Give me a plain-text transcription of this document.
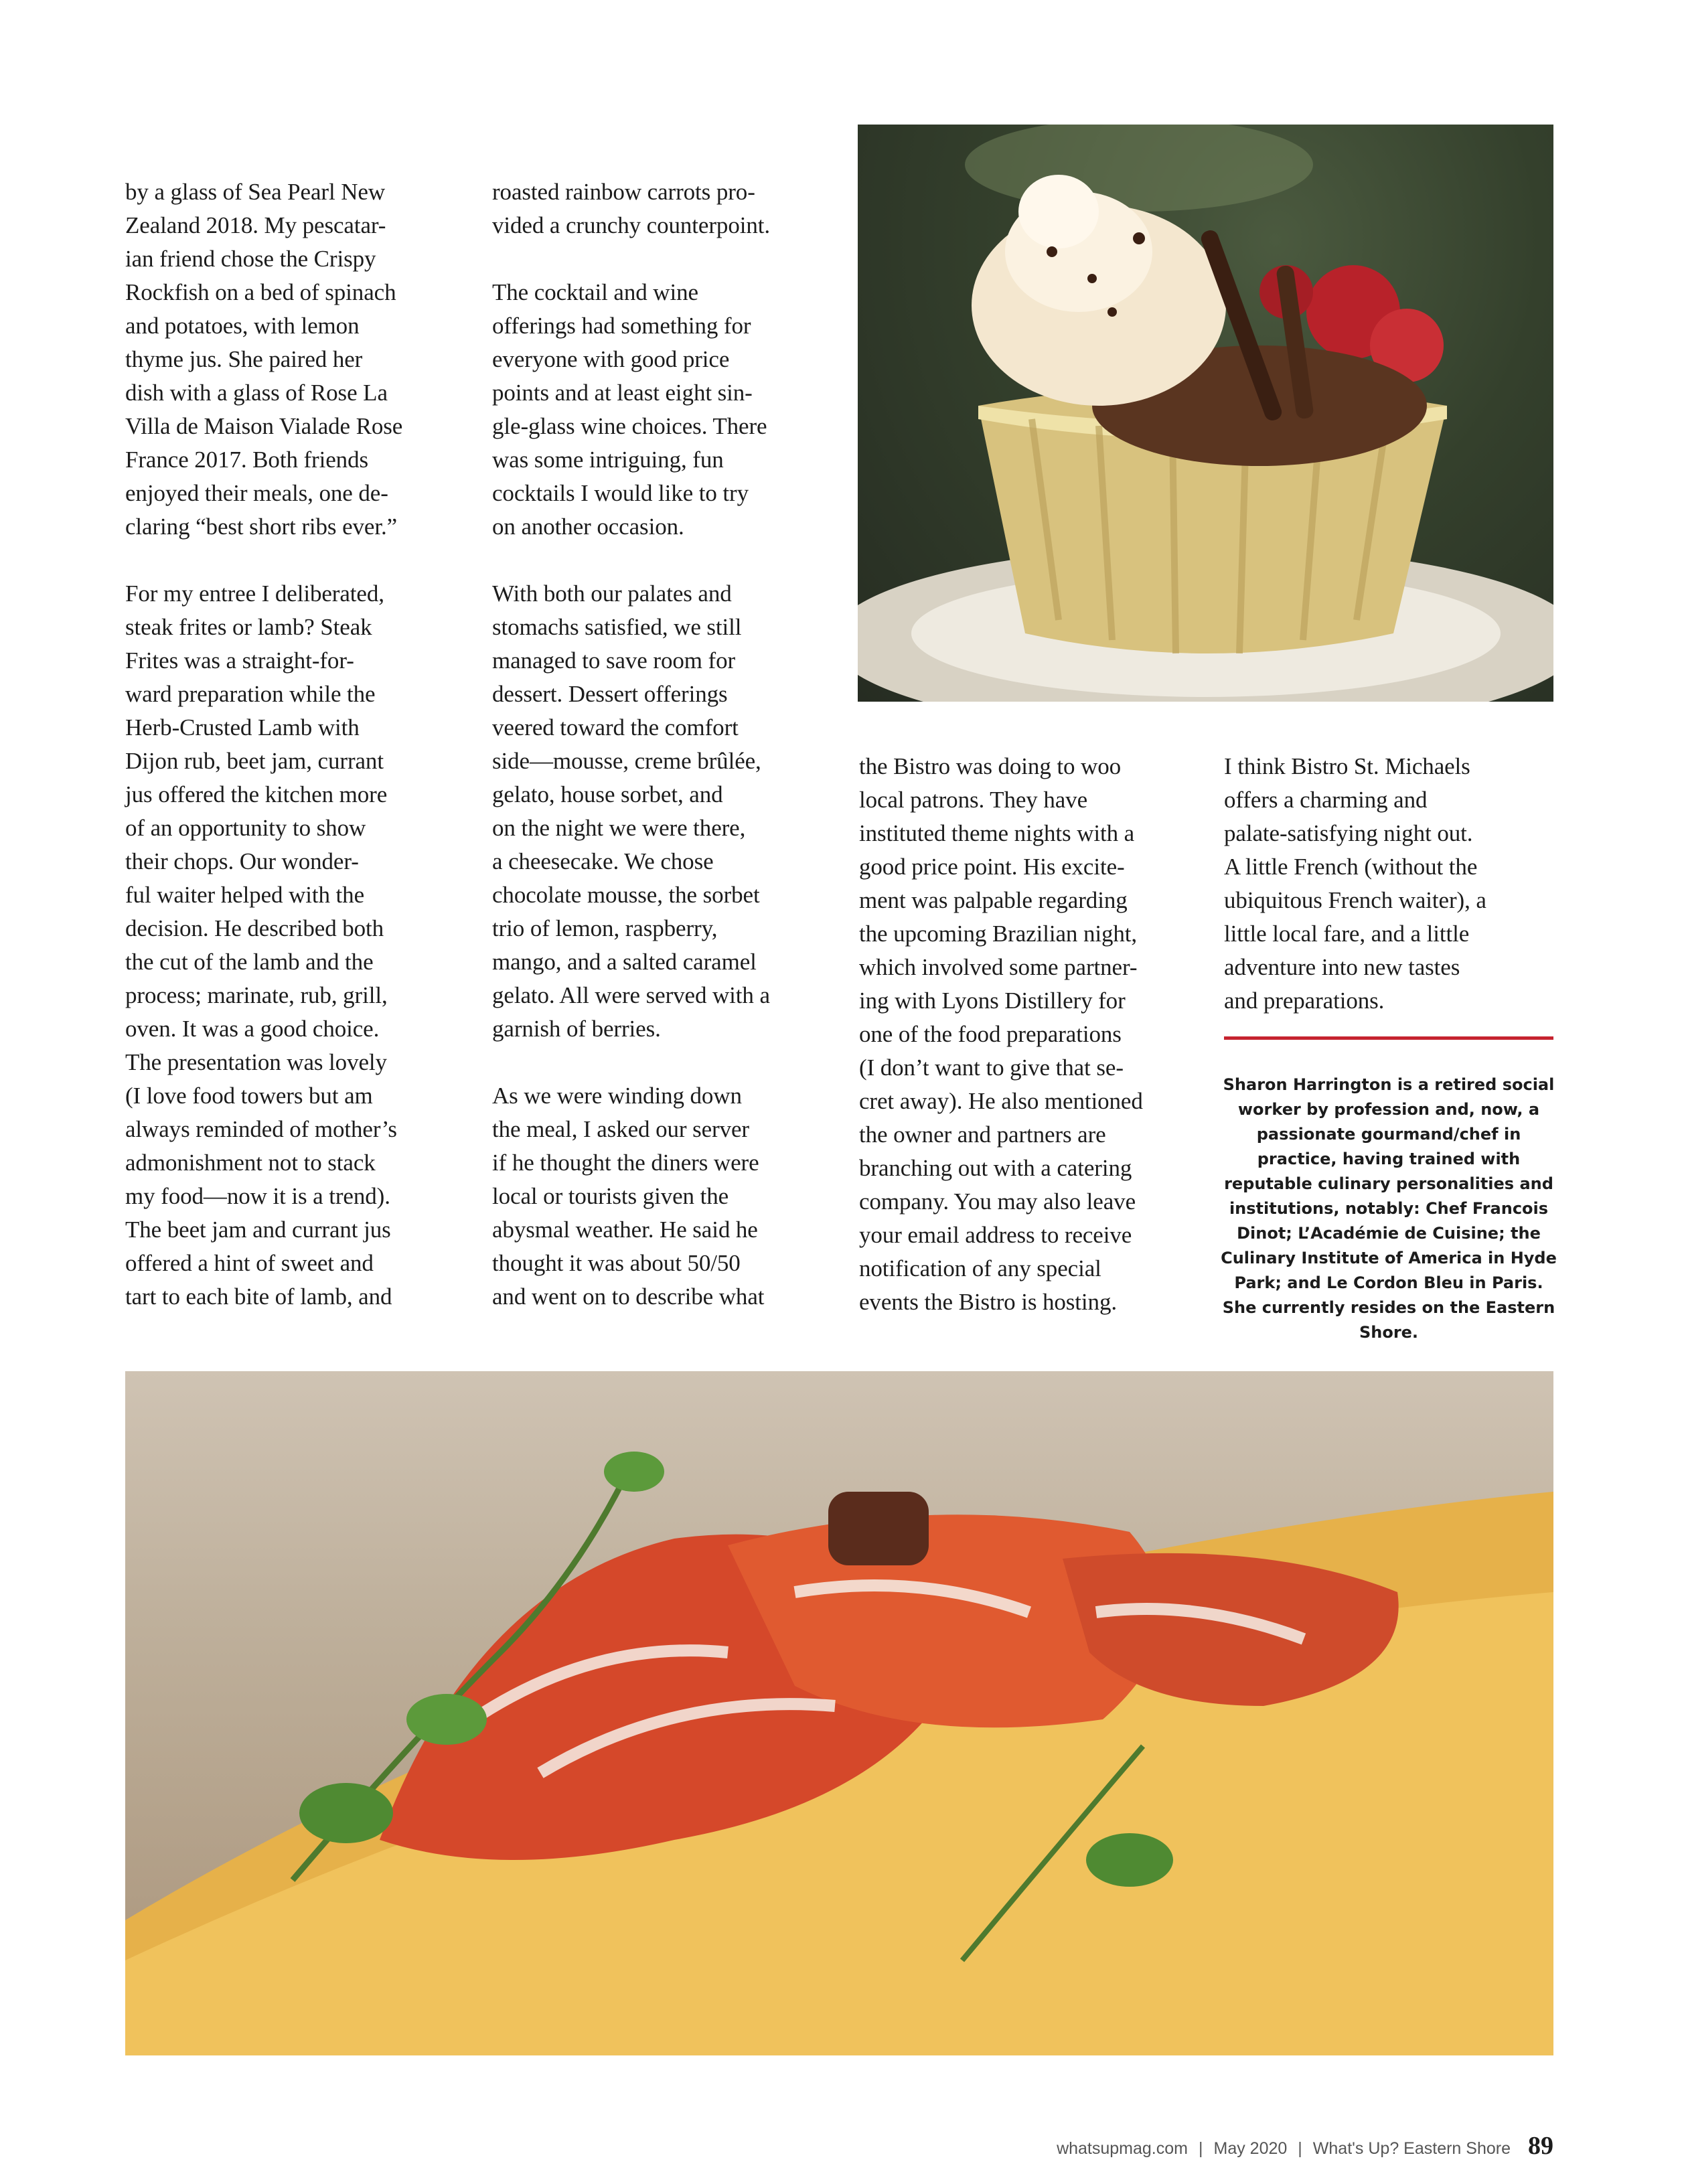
by a glass of Sea Pearl New
Zealand 2018. My pescatar-
ian friend chose the Crispy
Rockfish on a bed of spinach
and potatoes, with lemon
thyme jus. She paired her
dish with a glass of Rose La
Villa de Maison Vialade Rose
France 2017. Both friends
enjoyed their meals, one de-
claring “best short ribs ever.”

For my entree I deliberated,
steak frites or lamb? Steak
Frites was a straight-for-
ward preparation while the
Herb-Crusted Lamb with
Dijon rub, beet jam, currant
jus offered the kitchen more
of an opportunity to show
their chops. Our wonder-
ful waiter helped with the
decision. He described both
the cut of the lamb and the
process; marinate, rub, grill,
oven. It was a good choice.
The presentation was lovely
(I love food towers but am
always reminded of mother’s
admonishment not to stack
my food—now it is a trend).
The beet jam and currant jus
offered a hint of sweet and
tart to each bite of lamb, and

roasted rainbow carrots pro-
vided a crunchy counterpoint.

The cocktail and wine
offerings had something for
everyone with good price
points and at least eight sin-
gle-glass wine choices. There
was some intriguing, fun
cocktails I would like to try
on another occasion.

With both our palates and
stomachs satisfied, we still
managed to save room for
dessert. Dessert offerings
veered toward the comfort
side—mousse, creme brûlée,
gelato, house sorbet, and
on the night we were there,
a cheesecake. We chose
chocolate mousse, the sorbet
trio of lemon, raspberry,
mango, and a salted caramel
gelato. All were served with a
garnish of berries.

As we were winding down
the meal, I asked our server
if he thought the diners were
local or tourists given the
abysmal weather. He said he
thought it was about 50/50
and went on to describe what

the Bistro was doing to woo
local patrons. They have
instituted theme nights with a
good price point. His excite-
ment was palpable regarding
the upcoming Brazilian night,
which involved some partner-
ing with Lyons Distillery for
one of the food preparations
(I don’t want to give that se-
cret away). He also mentioned
the owner and partners are
branching out with a catering
company. You may also leave
your email address to receive
notification of any special
events the Bistro is hosting.

I think Bistro St. Michaels
offers a charming and
palate-satisfying night out.
A little French (without the
ubiquitous French waiter), a
little local fare, and a little
adventure into new tastes
and preparations.

Sharon Harrington is a retired social worker by profession and, now, a passionate gourmand/chef in practice, having trained with reputable culinary personalities and institutions, notably: Chef Francois Dinot; L’Académie de Cuisine; the Culinary Institute of America in Hyde Park; and Le Cordon Bleu in Paris. She currently resides on the Eastern Shore.
whatsupmag.com | May 2020 | What's Up? Eastern Shore 89
